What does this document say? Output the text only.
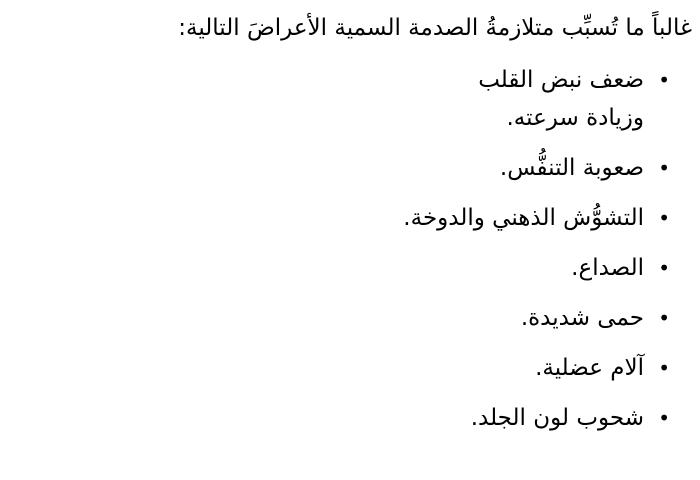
غالباً ما تُسبِّب متلازمةُ الصدمة السمية الأعراضَ التالية:

•
ضعف نبض القلب
وزيادة سرعته.
•
صعوبة التنفُّس.
•
التشوُّش الذهني والدوخة.
•
الصداع.
•
حمى شديدة.
•
آلام عضلية.
•
شحوب لون الجلد.
